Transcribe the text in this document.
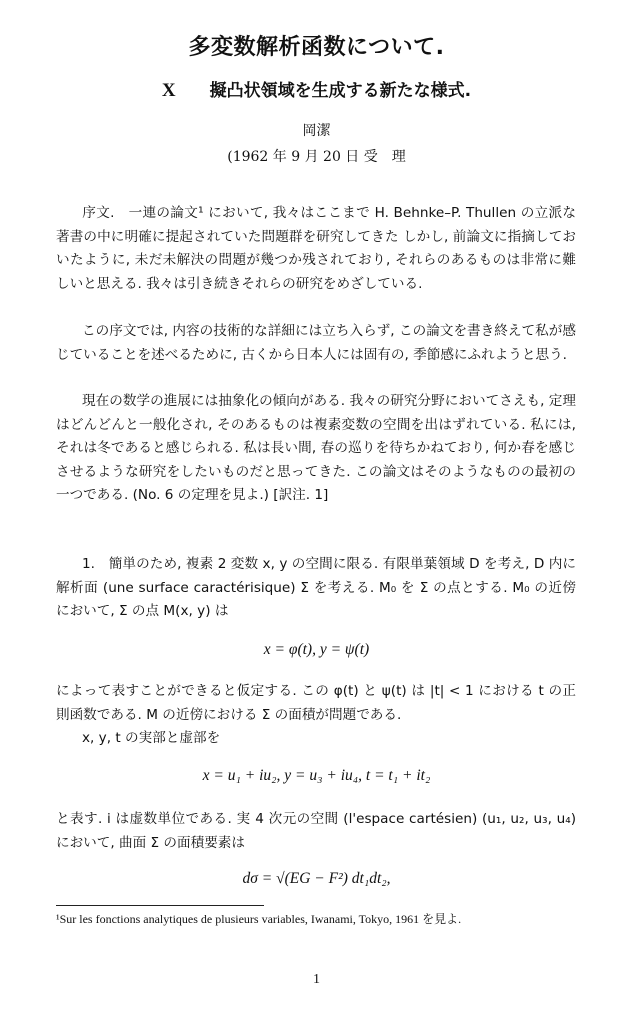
多変数解析函数について.
X 擬凸状領域を生成する新たな様式.
岡潔
(1962 年 9 月 20 日 受　理
序文.　一連の論文¹ において, 我々はここまで H. Behnke–P. Thullen の立派な著書の中に明確に提起されていた問題群を研究してきた しかし, 前論文に指摘しておいたように, 未だ未解決の問題が幾つか残されており, それらのあるものは非常に難しいと思える. 我々は引き続きそれらの研究をめざしている.
この序文では, 内容の技術的な詳細には立ち入らず, この論文を書き終えて私が感じていることを述べるために, 古くから日本人には固有の, 季節感にふれようと思う.
現在の数学の進展には抽象化の傾向がある. 我々の研究分野においてさえも, 定理はどんどんと一般化され, そのあるものは複素変数の空間を出はずれている. 私には, それは冬であると感じられる. 私は長い間, 春の巡りを待ちかねており, 何か春を感じさせるような研究をしたいものだと思ってきた. この論文はそのようなものの最初の一つである. (No. 6 の定理を見よ.) [訳注. 1]
1.　簡単のため, 複素 2 変数 x, y の空間に限る. 有限単葉領域 D を考え, D 内に解析面 (une surface caractérisique) Σ を考える. M₀ を Σ の点とする. M₀ の近傍において, Σ の点 M(x, y) は
x = φ(t), y = ψ(t)
によって表すことができると仮定する. この φ(t) と ψ(t) は |t| < 1 における t の正則函数である. M の近傍における Σ の面積が問題である.
x, y, t の実部と虚部を
x = u₁ + iu₂, y = u₃ + iu₄, t = t₁ + it₂
と表す. i は虚数単位である. 実 4 次元の空間 (l'espace cartésien) (u₁, u₂, u₃, u₄) において, 曲面 Σ の面積要素は
dσ = √(EG − F²) dt₁dt₂,
¹Sur les fonctions analytiques de plusieurs variables, Iwanami, Tokyo, 1961 を見よ.
1
